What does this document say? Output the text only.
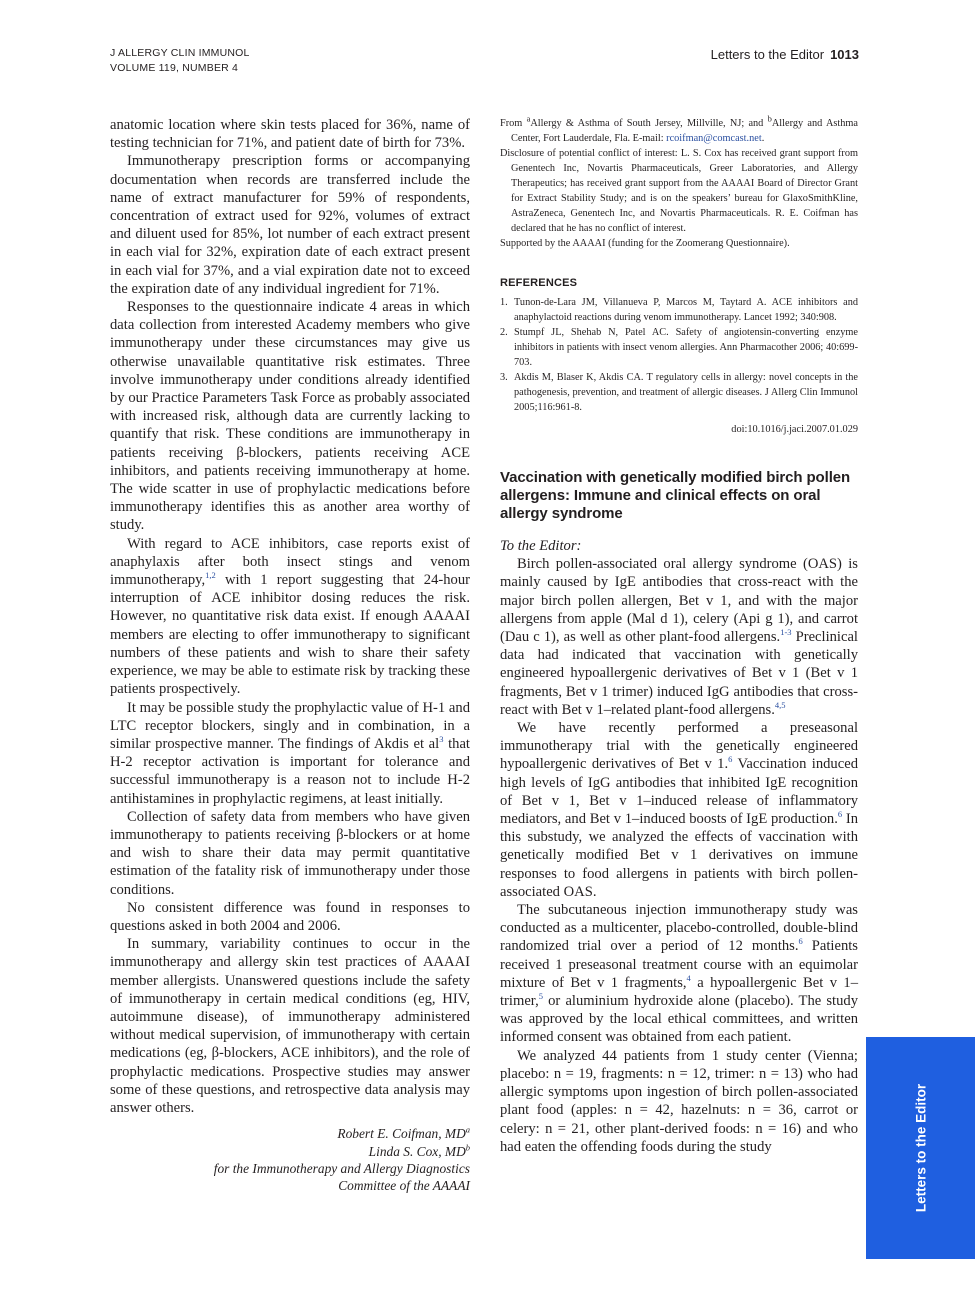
J ALLERGY CLIN IMMUNOL
VOLUME 119, NUMBER 4
Letters to the Editor 1013

anatomic location where skin tests placed for 36%, name of testing technician for 71%, and patient date of birth for 73%.

Immunotherapy prescription forms or accompanying documentation when records are transferred include the name of extract manufacturer for 59% of respondents, concentration of extract used for 92%, volumes of extract and diluent used for 85%, lot number of each extract present in each vial for 32%, expiration date of each extract present in each vial for 37%, and a vial expiration date not to exceed the expiration date of any individual ingredient for 71%.

Responses to the questionnaire indicate 4 areas in which data collection from interested Academy members who give immunotherapy under these circumstances may give us otherwise unavailable quantitative risk estimates. Three involve immunotherapy under conditions already identified by our Practice Parameters Task Force as probably associated with increased risk, although data are currently lacking to quantify that risk. These conditions are immunotherapy in patients receiving β-blockers, patients receiving ACE inhibitors, and patients receiving immunotherapy at home. The wide scatter in use of prophylactic medications before immunotherapy identifies this as another area worthy of study.

With regard to ACE inhibitors, case reports exist of anaphylaxis after both insect stings and venom immunotherapy,$^{1,2}$ with 1 report suggesting that 24-hour interruption of ACE inhibitor dosing reduces the risk. However, no quantitative risk data exist. If enough AAAAI members are electing to offer immunotherapy to significant numbers of these patients and wish to share their safety experience, we may be able to estimate risk by tracking these patients prospectively.

It may be possible study the prophylactic value of H-1 and LTC receptor blockers, singly and in combination, in a similar prospective manner. The findings of Akdis et $al^3$ that H-2 receptor activation is important for tolerance and successful immunotherapy is a reason not to include H-2 antihistamines in prophylactic regimens, at least initially.

Collection of safety data from members who have given immunotherapy to patients receiving β-blockers or at home and wish to share their data may permit quantitative estimation of the fatality risk of immunotherapy under those conditions.

No consistent difference was found in responses to questions asked in both 2004 and 2006.

In summary, variability continues to occur in the immunotherapy and allergy skin test practices of AAAAI member allergists. Unanswered questions include the safety of immunotherapy in certain medical conditions (eg, HIV, autoimmune disease), of immunotherapy administered without medical supervision, of immunotherapy with certain medications (eg, β-blockers, ACE inhibitors), and the role of prophylactic medications. Prospective studies may answer some of these questions, and retrospective data analysis may answer others.

Robert E. Coifman, $MD^a$
Linda S. Cox, $MD^b$
for the Immunotherapy and Allergy Diagnostics
Committee of the AAAAI

From $^a$Allergy & Asthma of South Jersey, Millville, NJ; and $^b$Allergy and Asthma Center, Fort Lauderdale, Fla. E-mail: rcoifman@comcast.net.

Disclosure of potential conflict of interest: L. S. Cox has received grant support from Genentech Inc, Novartis Pharmaceuticals, Greer Laboratories, and Allergy Therapeutics; has received grant support from the AAAAI Board of Director Grant for Extract Stability Study; and is on the speakers’ bureau for GlaxoSmithKline, AstraZeneca, Genentech Inc, and Novartis Pharmaceuticals. R. E. Coifman has declared that he has no conflict of interest.

Supported by the AAAAI (funding for the Zoomerang Questionnaire).

REFERENCES
1. Tunon-de-Lara JM, Villanueva P, Marcos M, Taytard A. ACE inhibitors and anaphylactoid reactions during venom immunotherapy. Lancet 1992; 340:908.
2. Stumpf JL, Shehab N, Patel AC. Safety of angiotensin-converting enzyme inhibitors in patients with insect venom allergies. Ann Pharmacother 2006; 40:699-703.
3. Akdis M, Blaser K, Akdis CA. T regulatory cells in allergy: novel concepts in the pathogenesis, prevention, and treatment of allergic diseases. J Allerg Clin Immunol 2005;116:961-8.
doi:10.1016/j.jaci.2007.01.029
Vaccination with genetically modified birch pollen allergens: Immune and clinical effects on oral allergy syndrome
To the Editor:

Birch pollen-associated oral allergy syndrome (OAS) is mainly caused by IgE antibodies that cross-react with the major birch pollen allergen, Bet v 1, and with the major allergens from apple (Mal d 1), celery (Api g 1), and carrot (Dau c 1), as well as other plant-food allergens.$^{1-3}$ Preclinical data had indicated that vaccination with genetically engineered hypoallergenic derivatives of Bet v 1 (Bet v 1 fragments, Bet v 1 trimer) induced IgG antibodies that cross-react with Bet v 1–related plant-food allergens.$^{4,5}$

We have recently performed a preseasonal immunotherapy trial with the genetically engineered hypoallergenic derivatives of Bet v 1.$^6$ Vaccination induced high levels of IgG antibodies that inhibited IgE recognition of Bet v 1, Bet v 1–induced release of inflammatory mediators, and Bet v 1–induced boosts of IgE production.$^6$ In this substudy, we analyzed the effects of vaccination with genetically modified Bet v 1 derivatives on immune responses to food allergens in patients with birch pollen-associated OAS.

The subcutaneous injection immunotherapy study was conducted as a multicenter, placebo-controlled, double-blind randomized trial over a period of 12 months.$^6$ Patients received 1 preseasonal treatment course with an equimolar mixture of Bet v 1 fragments,$^4$ a hypoallergenic Bet v 1–trimer,$^5$ or aluminium hydroxide alone (placebo). The study was approved by the local ethical committees, and written informed consent was obtained from each patient.

We analyzed 44 patients from 1 study center (Vienna; placebo: n = 19, fragments: n = 12, trimer: n = 13) who had allergic symptoms upon ingestion of birch pollen-associated plant food (apples: n = 42, hazelnuts: n = 36, carrot or celery: n = 21, other plant-derived foods: n = 16) and who had eaten the offending foods during the study	Letters to the Editor
